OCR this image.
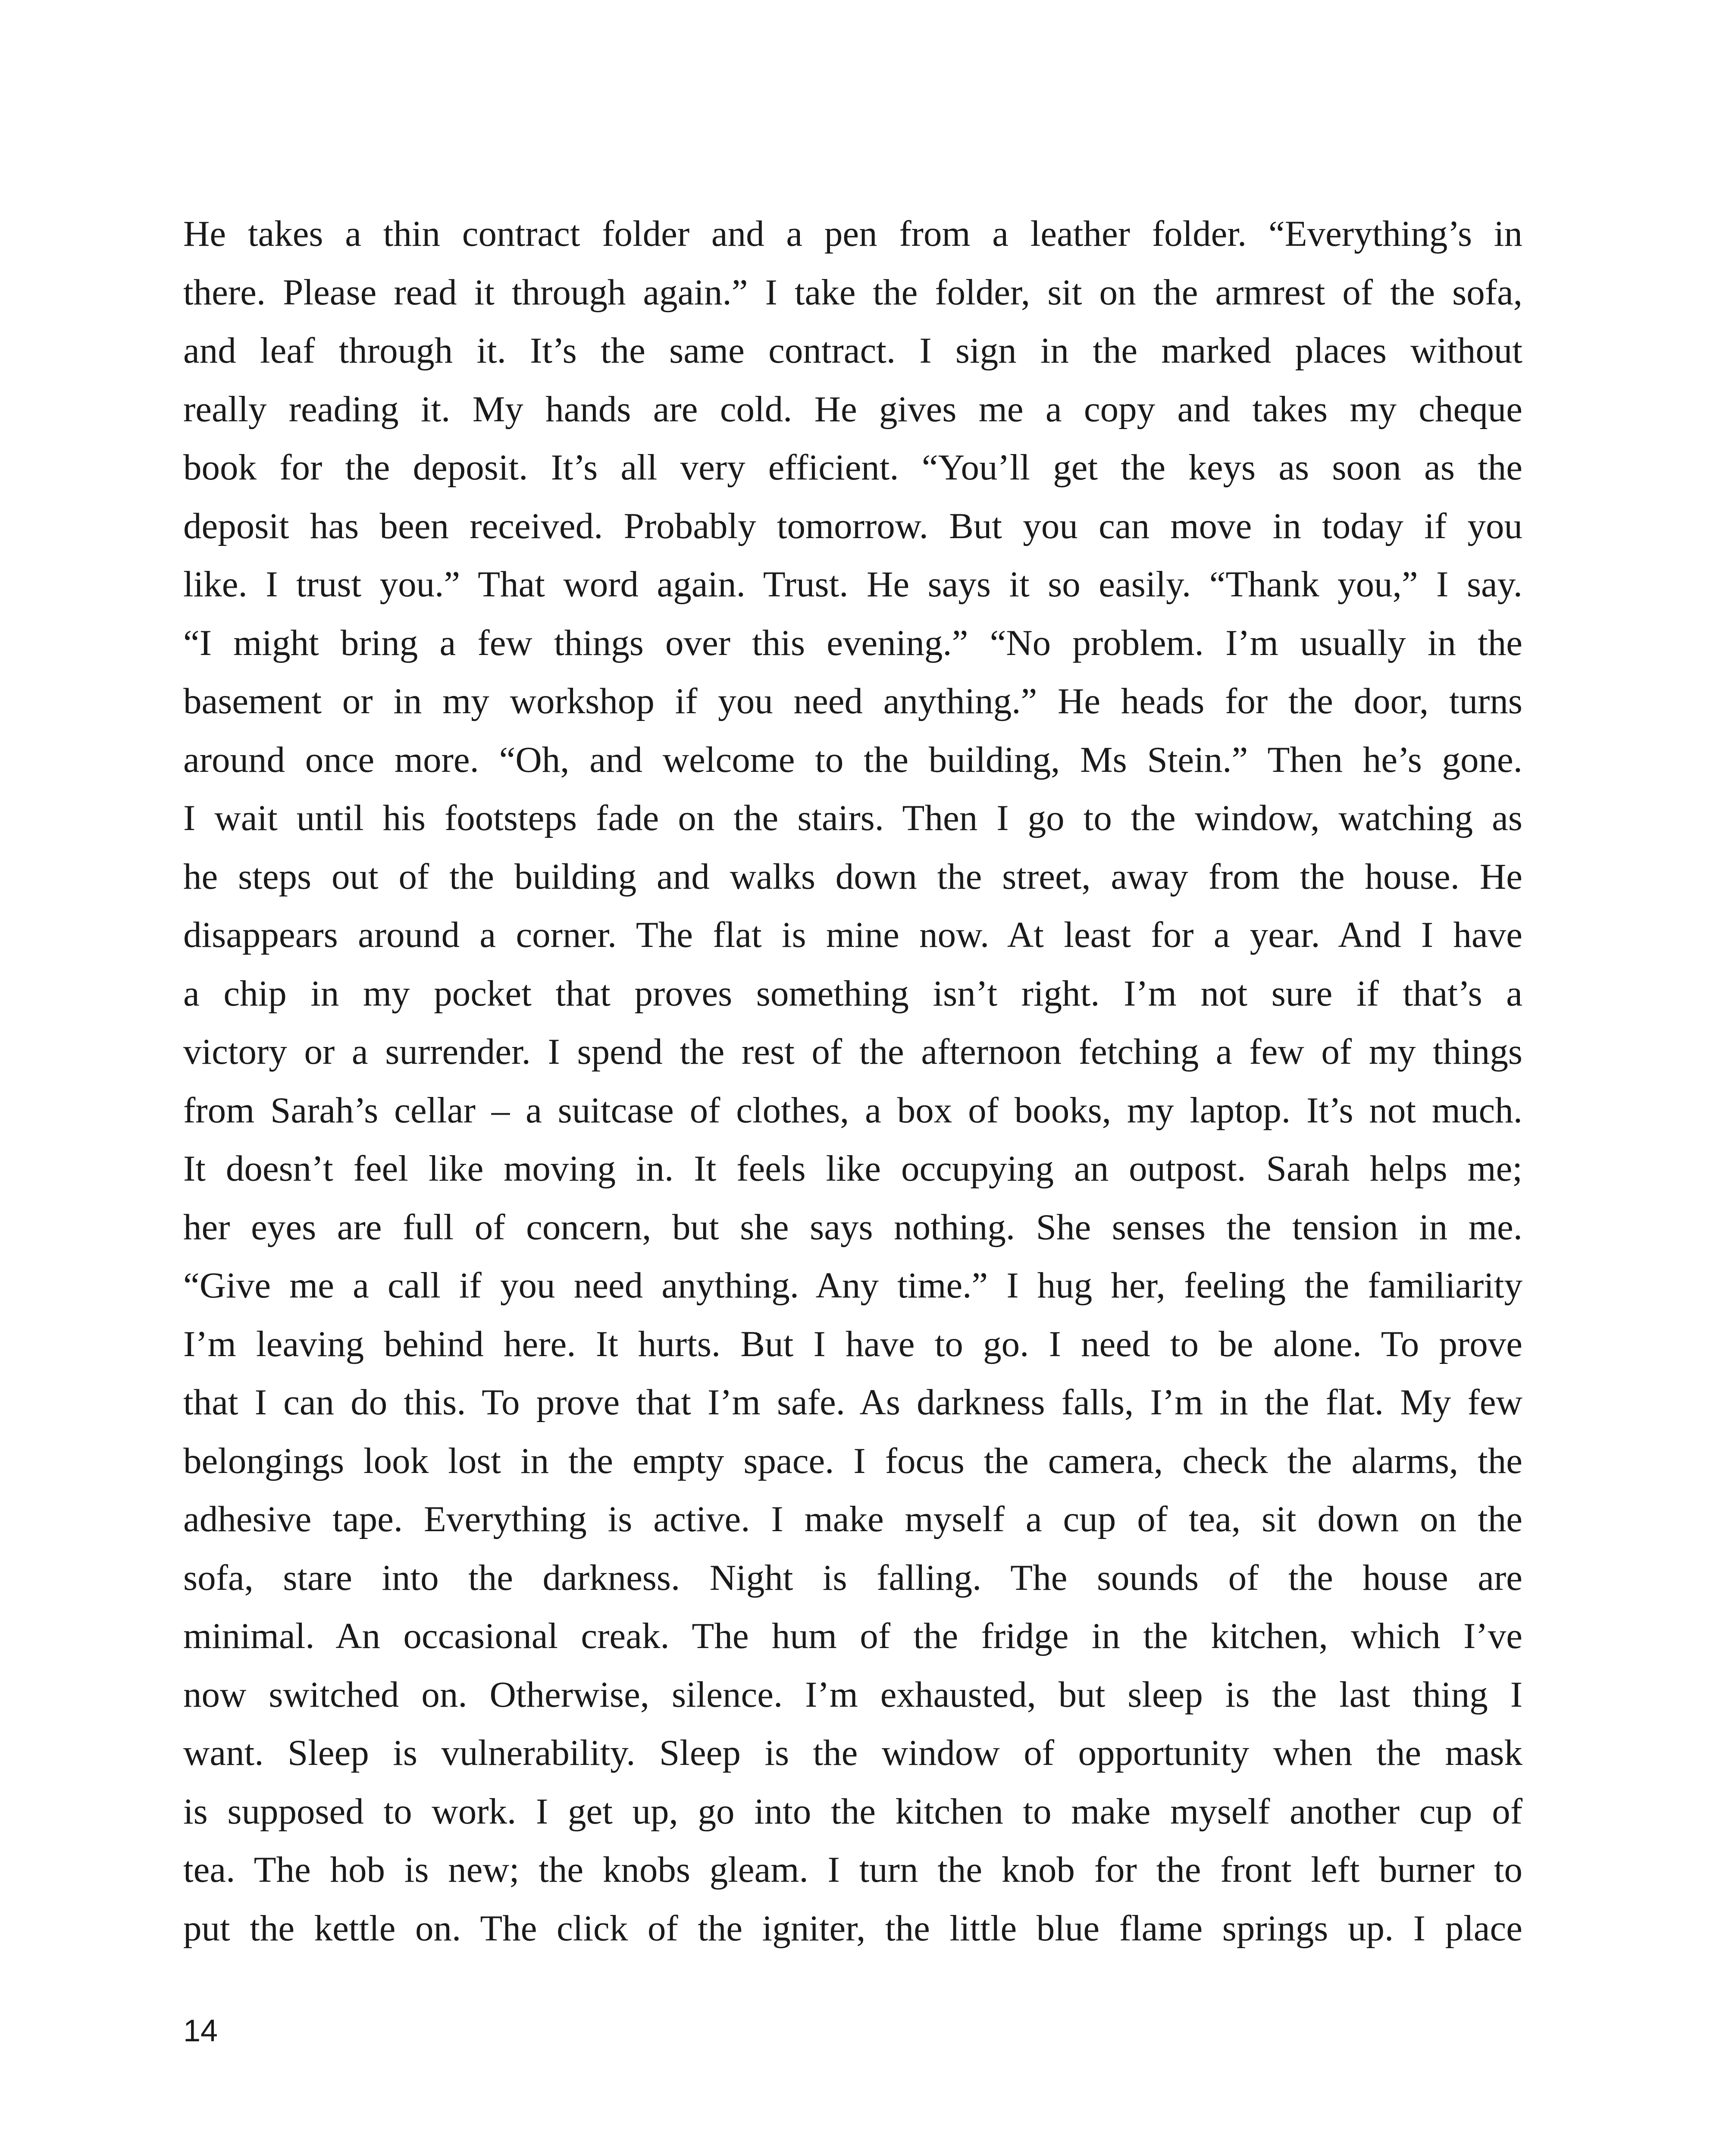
He takes a thin contract folder and a pen from a leather folder. “Everything’s in
there. Please read it through again.” I take the folder, sit on the armrest of the sofa,
and leaf through it. It’s the same contract. I sign in the marked places without
really reading it. My hands are cold. He gives me a copy and takes my cheque
book for the deposit. It’s all very efficient. “You’ll get the keys as soon as the
deposit has been received. Probably tomorrow. But you can move in today if you
like. I trust you.” That word again. Trust. He says it so easily. “Thank you,” I say.
“I might bring a few things over this evening.” “No problem. I’m usually in the
basement or in my workshop if you need anything.” He heads for the door, turns
around once more. “Oh, and welcome to the building, Ms Stein.” Then he’s gone.
I wait until his footsteps fade on the stairs. Then I go to the window, watching as
he steps out of the building and walks down the street, away from the house. He
disappears around a corner. The flat is mine now. At least for a year. And I have
a chip in my pocket that proves something isn’t right. I’m not sure if that’s a
victory or a surrender. I spend the rest of the afternoon fetching a few of my things
from Sarah’s cellar – a suitcase of clothes, a box of books, my laptop. It’s not much.
It doesn’t feel like moving in. It feels like occupying an outpost. Sarah helps me;
her eyes are full of concern, but she says nothing. She senses the tension in me.
“Give me a call if you need anything. Any time.” I hug her, feeling the familiarity
I’m leaving behind here. It hurts. But I have to go. I need to be alone. To prove
that I can do this. To prove that I’m safe. As darkness falls, I’m in the flat. My few
belongings look lost in the empty space. I focus the camera, check the alarms, the
adhesive tape. Everything is active. I make myself a cup of tea, sit down on the
sofa, stare into the darkness. Night is falling. The sounds of the house are
minimal. An occasional creak. The hum of the fridge in the kitchen, which I’ve
now switched on. Otherwise, silence. I’m exhausted, but sleep is the last thing I
want. Sleep is vulnerability. Sleep is the window of opportunity when the mask
is supposed to work. I get up, go into the kitchen to make myself another cup of
tea. The hob is new; the knobs gleam. I turn the knob for the front left burner to
put the kettle on. The click of the igniter, the little blue flame springs up. I place

14
